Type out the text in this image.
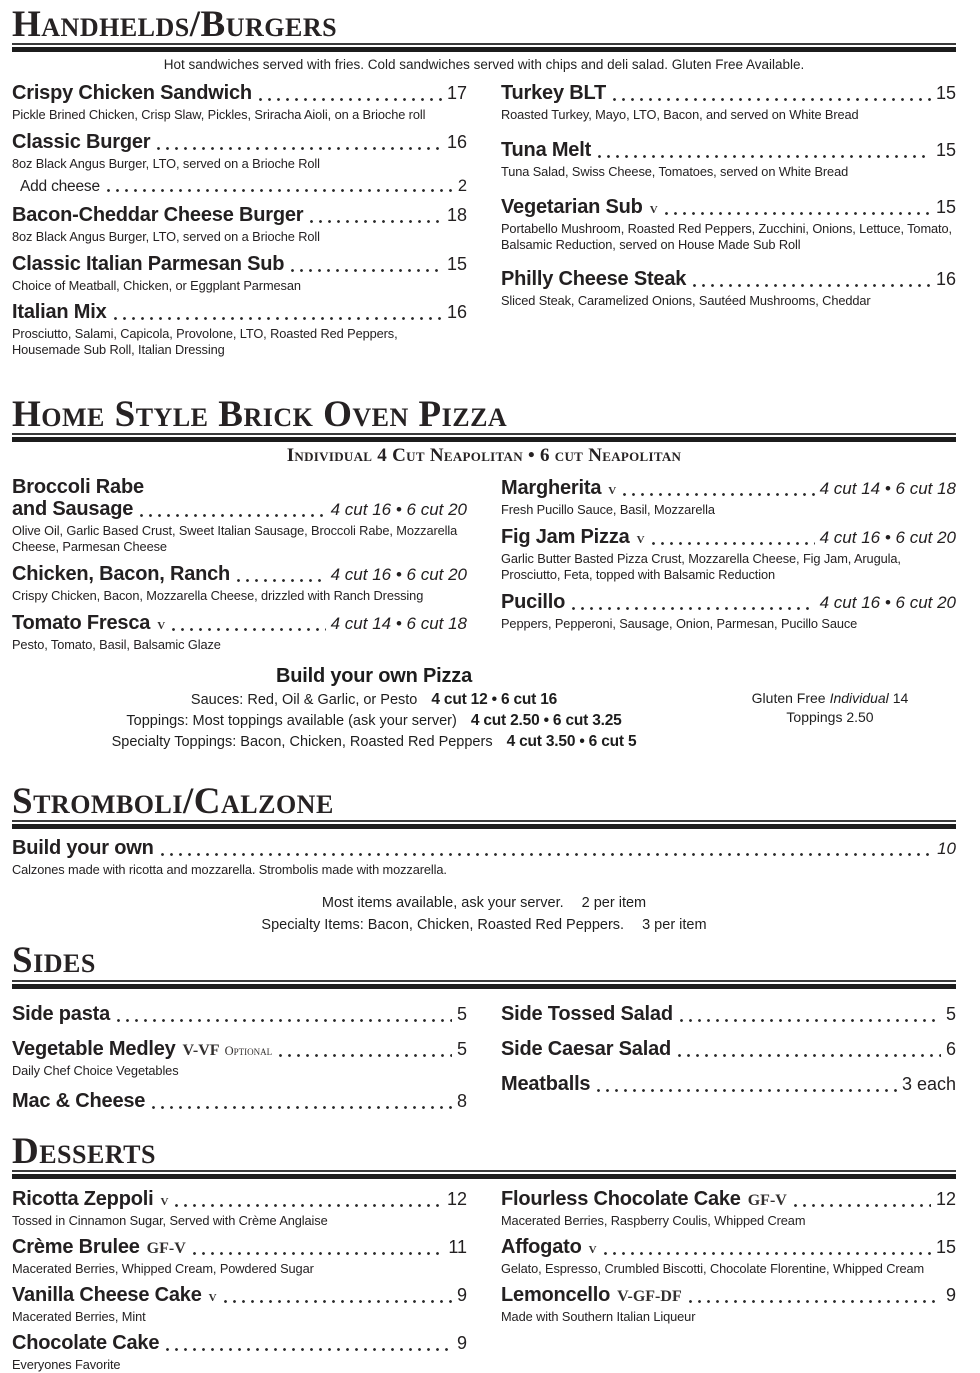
Handhelds/Burgers
Hot sandwiches served with fries. Cold sandwiches served with chips and deli salad. Gluten Free Available.
Crispy Chicken Sandwich	17
Pickle Brined Chicken, Crisp Slaw, Pickles, Sriracha Aioli, on a Brioche roll
Classic Burger	16
8oz Black Angus Burger, LTO, served on a Brioche Roll
Add cheese	2
Bacon-Cheddar Cheese Burger	18
8oz Black Angus Burger, LTO, served on a Brioche Roll
Classic Italian Parmesan Sub	15
Choice of Meatball, Chicken, or Eggplant Parmesan
Italian Mix	16
Prosciutto, Salami, Capicola, Provolone, LTO, Roasted Red Peppers, Housemade Sub Roll, Italian Dressing
Turkey BLT	15
Roasted Turkey, Mayo, LTO, Bacon, and served on White Bread
Tuna Melt	15
Tuna Salad, Swiss Cheese, Tomatoes, served on White Bread
Vegetarian Sub v	15
Portabello Mushroom, Roasted Red Peppers, Zucchini, Onions, Lettuce, Tomato, Balsamic Reduction, served on House Made Sub Roll
Philly Cheese Steak	16
Sliced Steak, Caramelized Onions, Sautéed Mushrooms, Cheddar
Home Style Brick Oven Pizza
Individual 4 Cut Neapolitan • 6 cut Neapolitan
Broccoli Rabe
and Sausage	4 cut 16 • 6 cut 20
Olive Oil, Garlic Based Crust, Sweet Italian Sausage, Broccoli Rabe, Mozzarella Cheese, Parmesan Cheese
Chicken, Bacon, Ranch	4 cut 16 • 6 cut 20
Crispy Chicken, Bacon, Mozzarella Cheese, drizzled with Ranch Dressing
Tomato Fresca v	4 cut 14 • 6 cut 18
Pesto, Tomato, Basil, Balsamic Glaze
Margherita v	4 cut 14 • 6 cut 18
Fresh Pucillo Sauce, Basil, Mozzarella
Fig Jam Pizza v	4 cut 16 • 6 cut 20
Garlic Butter Basted Pizza Crust, Mozzarella Cheese, Fig Jam, Arugula, Prosciutto, Feta, topped with Balsamic Reduction
Pucillo	4 cut 16 • 6 cut 20
Peppers, Pepperoni, Sausage, Onion, Parmesan, Pucillo Sauce
Build your own Pizza
Sauces: Red, Oil & Garlic, or Pesto 4 cut 12 • 6 cut 16
Toppings: Most toppings available (ask your server) 4 cut 2.50 • 6 cut 3.25
Specialty Toppings: Bacon, Chicken, Roasted Red Peppers 4 cut 3.50 • 6 cut 5
Gluten Free Individual 14
Toppings 2.50
Stromboli/Calzone
Build your own	10
Calzones made with ricotta and mozzarella. Strombolis made with mozzarella.
Most items available, ask your server. 2 per item
Specialty Items: Bacon, Chicken, Roasted Red Peppers. 3 per item
Sides
Side pasta	5
Vegetable Medley V-VF Optional	5
Daily Chef Choice Vegetables
Mac & Cheese	8
Side Tossed Salad	5
Side Caesar Salad	6
Meatballs	3 each
Desserts
Ricotta Zeppoli v	12
Tossed in Cinnamon Sugar, Served with Crème Anglaise
Crème Brulee GF-V	11
Macerated Berries, Whipped Cream, Powdered Sugar
Vanilla Cheese Cake v	9
Macerated Berries, Mint
Chocolate Cake	9
Everyones Favorite
Flourless Chocolate Cake GF-V	12
Macerated Berries, Raspberry Coulis, Whipped Cream
Affogato v	15
Gelato, Espresso, Crumbled Biscotti, Chocolate Florentine, Whipped Cream
Lemoncello V-GF-DF	9
Made with Southern Italian Liqueur
